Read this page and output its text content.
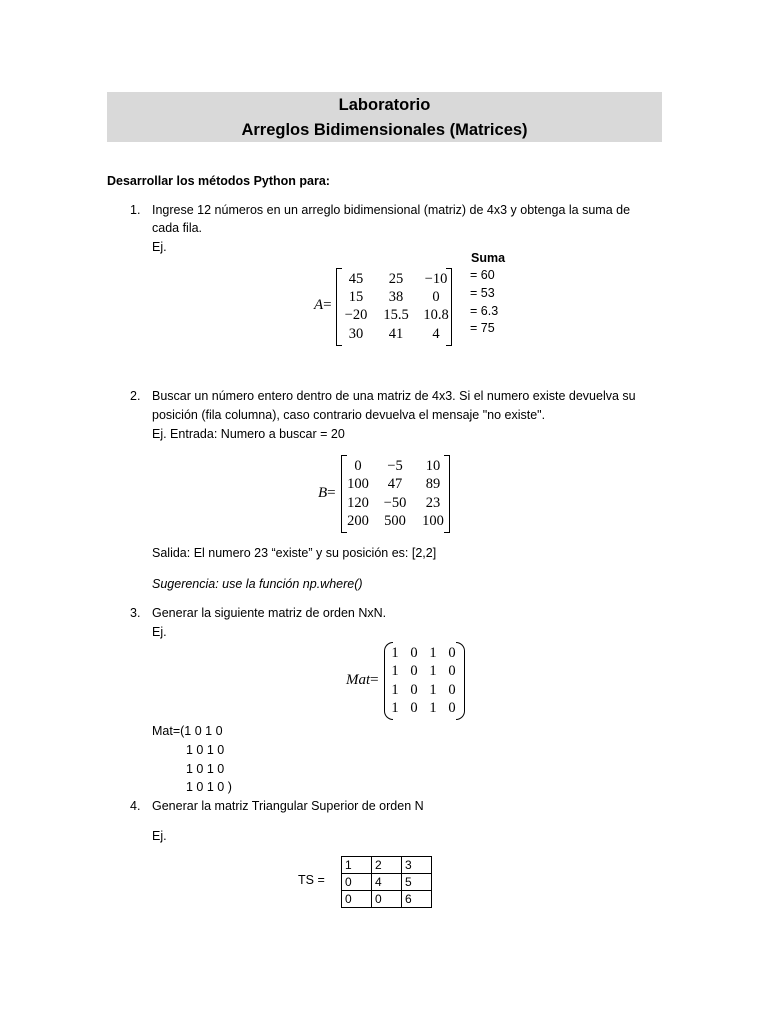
Laboratorio
Arreglos Bidimensionales (Matrices)
Desarrollar los métodos Python para:
1. Ingrese 12 números en un arreglo bidimensional (matriz) de 4x3 y obtenga la suma de
cada fila.
Ej.
A=
45	25	−10
15	38	0
−20	15.5	10.8
30	41	4
Suma
= 60
= 53
= 6.3
= 75
2. Buscar un número entero dentro de una matriz de 4x3. Si el numero existe devuelva su
posición (fila columna), caso contrario devuelva el mensaje "no existe".
Ej. Entrada: Numero a buscar = 20
B=
0	−5	10
100	47	89
120	−50	23
200	500	100
Salida: El numero 23 “existe” y su posición es: [2,2]
Sugerencia: use la función np.where()
3. Generar la siguiente matriz de orden NxN.
Ej.
Mat=
1 0 1 0
1 0 1 0
1 0 1 0
1 0 1 0
Mat=(1 0 1 0
1 0 1 0
1 0 1 0
1 0 1 0 )
4. Generar la matriz Triangular Superior de orden N
Ej.
TS =
1	2	3
0	4	5
0	0	6
